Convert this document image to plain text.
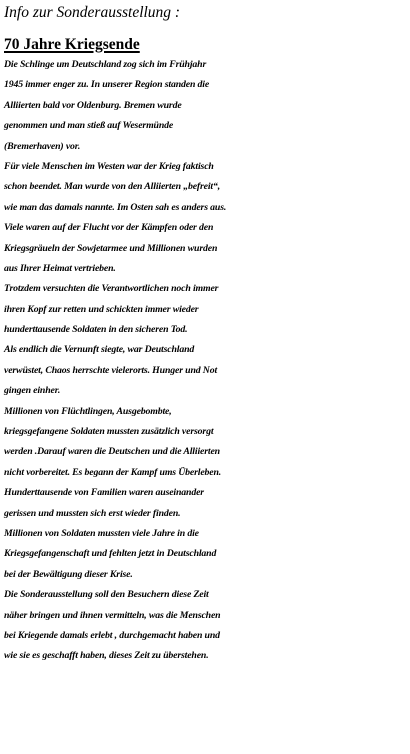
Info zur Sonderausstellung :
70 Jahre Kriegsende
Die Schlinge um Deutschland zog sich im Frühjahr
1945 immer enger zu. In unserer Region standen die
Alliierten bald vor Oldenburg. Bremen wurde
genommen und man stieß auf Wesermünde
(Bremerhaven) vor.
Für viele Menschen im Westen war der Krieg faktisch
schon beendet. Man wurde von den Alliierten „befreit“,
wie man das damals nannte. Im Osten sah es anders aus.
Viele waren auf der Flucht vor der Kämpfen oder den
Kriegsgräueln der Sowjetarmee und Millionen wurden
aus Ihrer Heimat vertrieben.
Trotzdem versuchten die Verantwortlichen noch immer
ihren Kopf zur retten und schickten immer wieder
hunderttausende Soldaten in den sicheren Tod.
Als endlich die Vernunft siegte, war Deutschland
verwüstet, Chaos herrschte vielerorts. Hunger und Not
gingen einher.
Millionen von Flüchtlingen, Ausgebombte,
kriegsgefangene Soldaten mussten zusätzlich versorgt
werden .Darauf waren die Deutschen und die Alliierten
nicht vorbereitet. Es begann der Kampf ums Überleben.
Hunderttausende von Familien waren auseinander
gerissen und mussten sich erst wieder finden.
Millionen von Soldaten mussten viele Jahre in die
Kriegsgefangenschaft und fehlten jetzt in Deutschland
bei der Bewältigung dieser Krise.
Die Sonderausstellung soll den Besuchern diese Zeit
näher bringen und ihnen vermitteln, was die Menschen
bei Kriegende damals erlebt , durchgemacht haben und
wie sie es geschafft haben, dieses Zeit zu überstehen.
